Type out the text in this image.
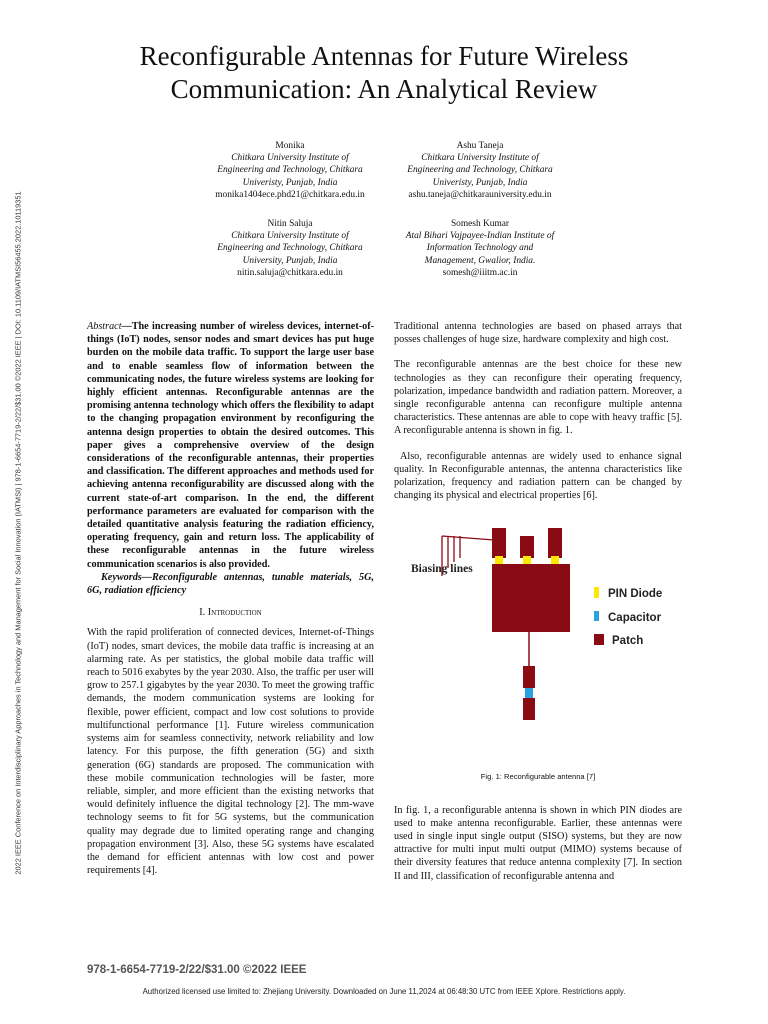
2022 IEEE Conference on Interdisciplinary Approaches in Technology and Management for Social Innovation (IATMSI) | 978-1-6654-7719-2/22/$31.00 ©2022 IEEE | DOI: 10.1109/IATMSI56455.2022.10119351
Reconfigurable Antennas for Future Wireless
Communication: An Analytical Review
Monika
Chitkara University Institute of
Engineering and Technology, Chitkara
Univeristy, Punjab, India
monika1404ece.phd21@chitkara.edu.in
Ashu Taneja
Chitkara University Institute of
Engineering and Technology, Chitkara
Univeristy, Punjab, India
ashu.taneja@chitkarauniversity.edu.in
Nitin Saluja
Chitkara University Institute of
Engineering and Technology, Chitkara
University, Punjab, India
nitin.saluja@chitkara.edu.in
Somesh Kumar
Atal Bihari Vajpayee-Indian Institute of
Information Technology and
Management, Gwalior, India.
somesh@iiitm.ac.in

Abstract—The increasing number of wireless devices, internet-of-things (IoT) nodes, sensor nodes and smart devices has put huge burden on the mobile data traffic. To support the large user base and to enable seamless flow of information between the communicating nodes, the future wireless systems are looking for highly efficient antennas. Reconfigurable antennas are the promising antenna technology which offers the flexibility to adapt to the changing propagation environment by reconfiguring the antenna design properties to obtain the desired outcomes. This paper gives a comprehensive overview of the design considerations of the reconfigurable antennas, their properties and classification. The different approaches and methods used for achieving antenna reconfigurability are discussed along with the current state-of-art comparison. In the end, the different performance parameters are evaluated for comparison with the detailed quantitative analysis featuring the radiation efficiency, operating frequency, gain and return loss. The applicability of these reconfigurable antennas in the future wireless communication scenarios is also provided.

Keywords—Reconfigurable antennas, tunable materials, 5G, 6G, radiation efficiency

I. Introduction

With the rapid proliferation of connected devices, Internet-of-Things (IoT) nodes, smart devices, the mobile data traffic is increasing at an alarming rate. As per statistics, the global mobile data traffic will reach to 5016 exabytes by the year 2030. Also, the traffic per user will grow to 257.1 gigabytes by the year 2030. To meet the growing traffic demands, the modern communication systems are looking for flexible, power efficient, compact and low cost solutions to provide multifunctional performance [1]. Future wireless communication systems aim for seamless connectivity, network reliability and low latency. For this purpose, the fifth generation (5G) and sixth generation (6G) standards are proposed. The communication with these mobile communication technologies will be faster, more reliable, simpler, and more efficient than the existing networks that would definitely influence the digital technology [2]. The mm-wave technology seems to fit for 5G systems, but the communication quality may degrade due to limited operating range and changing propagation environment [3]. Also, these 5G systems have escalated the demand for efficient antennas with low cost and power requirements [4].

Traditional antenna technologies are based on phased arrays that posses challenges of huge size, hardware complexity and high cost.

The reconfigurable antennas are the best choice for these new technologies as they can reconfigure their operating frequency, polarization, impedance bandwidth and radiation pattern. Moreover, a single reconfigurable antenna can reconfigure multiple antenna characteristics. These antennas are able to cope with heavy traffic [5]. A reconfigurable antenna is shown in fig. 1.

Also, reconfigurable antennas are widely used to enhance signal quality. In Reconfigurable antennas, the antenna characteristics like polarization, frequency and radiation pattern can be changed by changing its physical and electrical properties [6].

Biasing lines
PIN Diode
Capacitor
Patch
Fig. 1: Reconfigurable antenna [7]

In fig. 1, a reconfigurable antenna is shown in which PIN diodes are used to make antenna reconfigurable. Earlier, these antennas were used in single input single output (SISO) systems, but they are now attractive for multi input multi output (MIMO) systems because of their diversity features that reduce antenna complexity [7]. In section II and III, classification of reconfigurable antenna and

978-1-6654-7719-2/22/$31.00 ©2022 IEEE
Authorized licensed use limited to: Zhejiang University. Downloaded on June 11,2024 at 06:48:30 UTC from IEEE Xplore. Restrictions apply.
